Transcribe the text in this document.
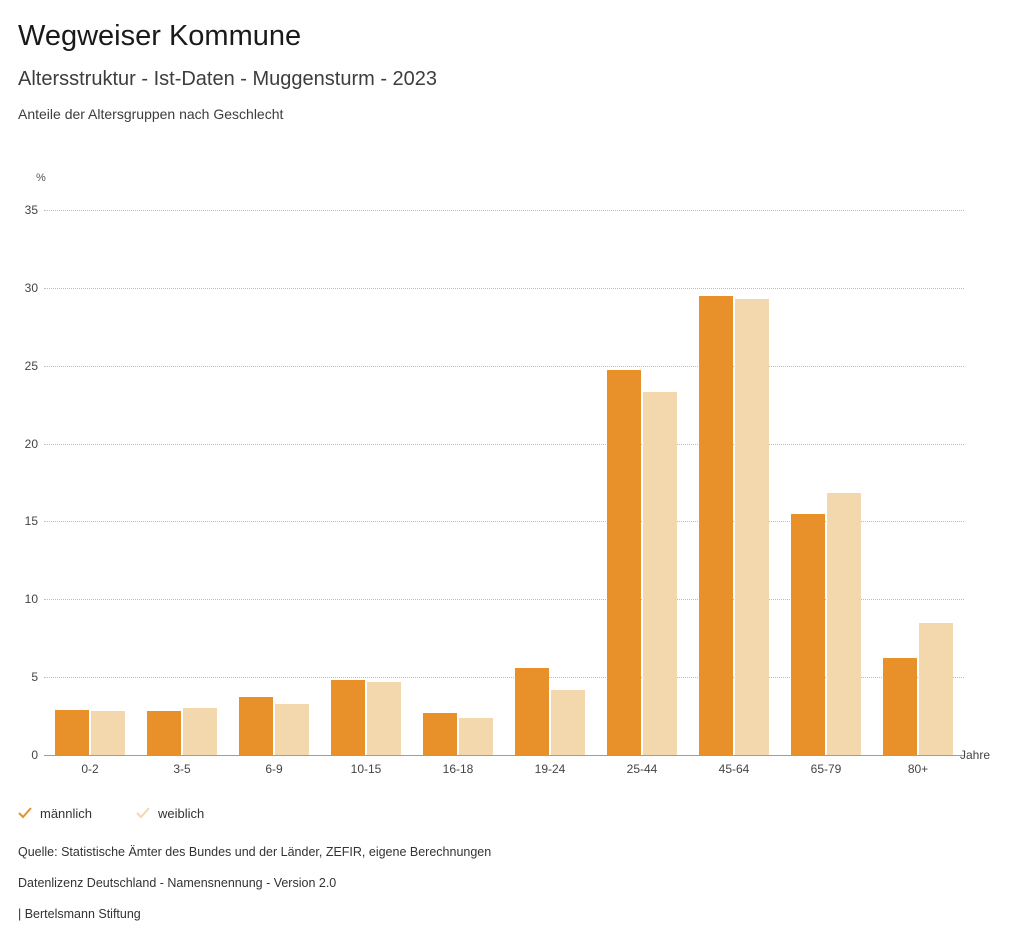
Wegweiser Kommune
Altersstruktur - Ist-Daten - Muggensturm - 2023
Anteile der Altersgruppen nach Geschlecht
%
0
5
10
15
20
25
30
35
0-2	3-5	6-9	10-15	16-18	19-24	25-44	45-64	65-79	80+
Jahre
männlich	weiblich
Quelle: Statistische Ämter des Bundes und der Länder, ZEFIR, eigene Berechnungen
Datenlizenz Deutschland - Namensnennung - Version 2.0
| Bertelsmann Stiftung
